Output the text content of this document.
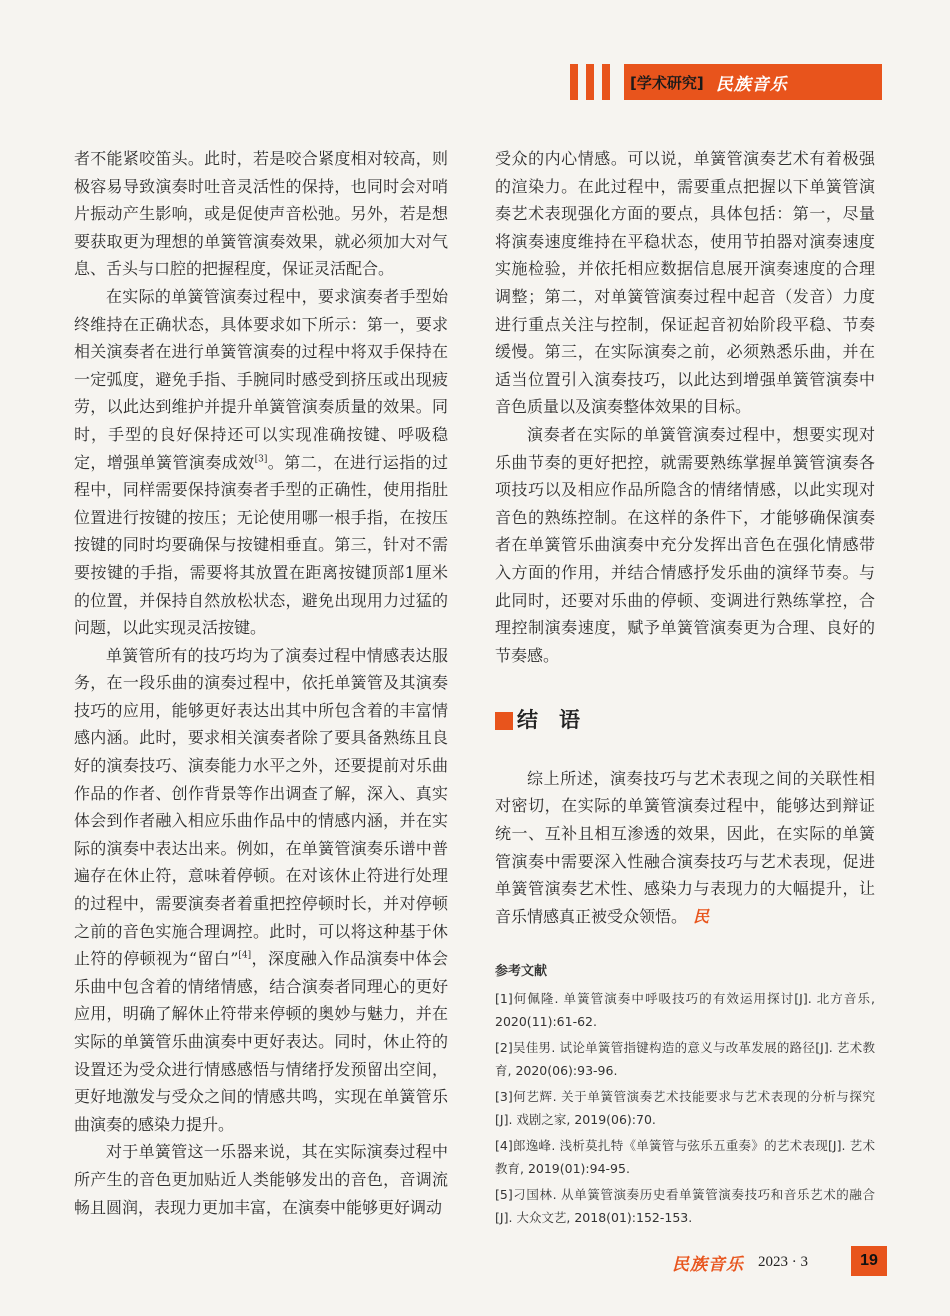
[学术研究] 民族音乐

者不能紧咬笛头。此时，若是咬合紧度相对较高，则极容易导致演奏时吐音灵活性的保持，也同时会对哨片振动产生影响，或是促使声音松弛。另外，若是想要获取更为理想的单簧管演奏效果，就必须加大对气息、舌头与口腔的把握程度，保证灵活配合。

在实际的单簧管演奏过程中，要求演奏者手型始终维持在正确状态，具体要求如下所示：第一，要求相关演奏者在进行单簧管演奏的过程中将双手保持在一定弧度，避免手指、手腕同时感受到挤压或出现疲劳，以此达到维护并提升单簧管演奏质量的效果。同时，手型的良好保持还可以实现准确按键、呼吸稳定，增强单簧管演奏成效[3]。第二，在进行运指的过程中，同样需要保持演奏者手型的正确性，使用指肚位置进行按键的按压；无论使用哪一根手指，在按压按键的同时均要确保与按键相垂直。第三，针对不需要按键的手指，需要将其放置在距离按键顶部1厘米的位置，并保持自然放松状态，避免出现用力过猛的问题，以此实现灵活按键。

单簧管所有的技巧均为了演奏过程中情感表达服务，在一段乐曲的演奏过程中，依托单簧管及其演奏技巧的应用，能够更好表达出其中所包含着的丰富情感内涵。此时，要求相关演奏者除了要具备熟练且良好的演奏技巧、演奏能力水平之外，还要提前对乐曲作品的作者、创作背景等作出调查了解，深入、真实体会到作者融入相应乐曲作品中的情感内涵，并在实际的演奏中表达出来。例如，在单簧管演奏乐谱中普遍存在休止符，意味着停顿。在对该休止符进行处理的过程中，需要演奏者着重把控停顿时长，并对停顿之前的音色实施合理调控。此时，可以将这种基于休止符的停顿视为“留白”[4]，深度融入作品演奏中体会乐曲中包含着的情绪情感，结合演奏者同理心的更好应用，明确了解休止符带来停顿的奥妙与魅力，并在实际的单簧管乐曲演奏中更好表达。同时，休止符的设置还为受众进行情感感悟与情绪抒发预留出空间，更好地激发与受众之间的情感共鸣，实现在单簧管乐曲演奏的感染力提升。

对于单簧管这一乐器来说，其在实际演奏过程中所产生的音色更加贴近人类能够发出的音色，音调流畅且圆润，表现力更加丰富，在演奏中能够更好调动

受众的内心情感。可以说，单簧管演奏艺术有着极强的渲染力。在此过程中，需要重点把握以下单簧管演奏艺术表现强化方面的要点，具体包括：第一，尽量将演奏速度维持在平稳状态，使用节拍器对演奏速度实施检验，并依托相应数据信息展开演奏速度的合理调整；第二，对单簧管演奏过程中起音（发音）力度进行重点关注与控制，保证起音初始阶段平稳、节奏缓慢。第三，在实际演奏之前，必须熟悉乐曲，并在适当位置引入演奏技巧，以此达到增强单簧管演奏中音色质量以及演奏整体效果的目标。

演奏者在实际的单簧管演奏过程中，想要实现对乐曲节奏的更好把控，就需要熟练掌握单簧管演奏各项技巧以及相应作品所隐含的情绪情感，以此实现对音色的熟练控制。在这样的条件下，才能够确保演奏者在单簧管乐曲演奏中充分发挥出音色在强化情感带入方面的作用，并结合情感抒发乐曲的演绎节奏。与此同时，还要对乐曲的停顿、变调进行熟练掌控，合理控制演奏速度，赋予单簧管演奏更为合理、良好的节奏感。

结　语

综上所述，演奏技巧与艺术表现之间的关联性相对密切，在实际的单簧管演奏过程中，能够达到辩证统一、互补且相互渗透的效果，因此，在实际的单簧管演奏中需要深入性融合演奏技巧与艺术表现，促进单簧管演奏艺术性、感染力与表现力的大幅提升，让音乐情感真正被受众领悟。 民

参考文献

[1]何佩隆. 单簧管演奏中呼吸技巧的有效运用探讨[J]. 北方音乐, 2020(11):61-62.

[2]吴佳男. 试论单簧管指键构造的意义与改革发展的路径[J]. 艺术教育, 2020(06):93-96.

[3]何艺辉. 关于单簧管演奏艺术技能要求与艺术表现的分析与探究[J]. 戏剧之家, 2019(06):70.

[4]郎逸峰. 浅析莫扎特《单簧管与弦乐五重奏》的艺术表现[J]. 艺术教育, 2019(01):94-95.

[5]刁国林. 从单簧管演奏历史看单簧管演奏技巧和音乐艺术的融合[J]. 大众文艺, 2018(01):152-153.

民族音乐 2023 · 3	19
